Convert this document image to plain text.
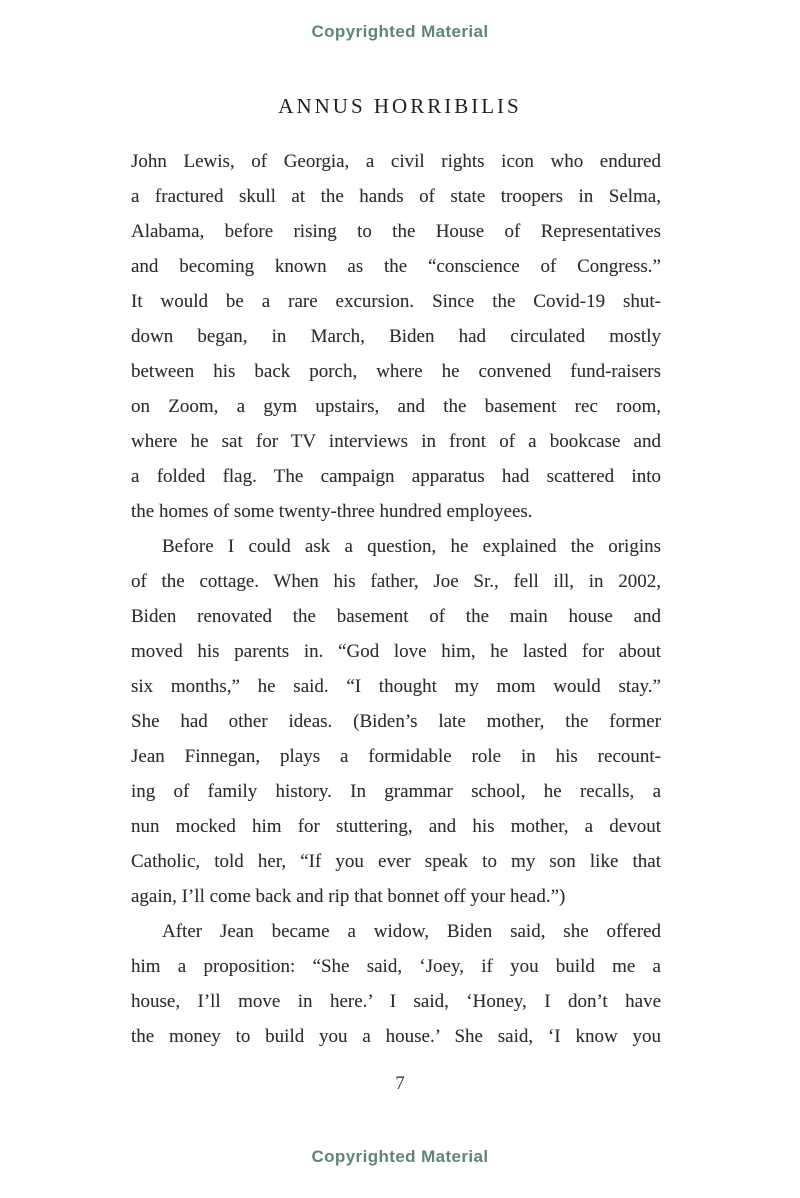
Copyrighted Material
ANNUS HORRIBILIS
John Lewis, of Georgia, a civil rights icon who endured
a fractured skull at the hands of state troopers in Selma,
Alabama, before rising to the House of Representatives
and becoming known as the “conscience of Congress.”
It would be a rare excursion. Since the Covid-19 shut-
down began, in March, Biden had circulated mostly
between his back porch, where he convened fund-raisers
on Zoom, a gym upstairs, and the basement rec room,
where he sat for TV interviews in front of a bookcase and
a folded flag. The campaign apparatus had scattered into
the homes of some twenty-three hundred employees.
Before I could ask a question, he explained the origins
of the cottage. When his father, Joe Sr., fell ill, in 2002,
Biden renovated the basement of the main house and
moved his parents in. “God love him, he lasted for about
six months,” he said. “I thought my mom would stay.”
She had other ideas. (Biden’s late mother, the former
Jean Finnegan, plays a formidable role in his recount-
ing of family history. In grammar school, he recalls, a
nun mocked him for stuttering, and his mother, a devout
Catholic, told her, “If you ever speak to my son like that
again, I’ll come back and rip that bonnet off your head.”)
After Jean became a widow, Biden said, she offered
him a proposition: “She said, ‘Joey, if you build me a
house, I’ll move in here.’ I said, ‘Honey, I don’t have
the money to build you a house.’ She said, ‘I know you
7
Copyrighted Material
